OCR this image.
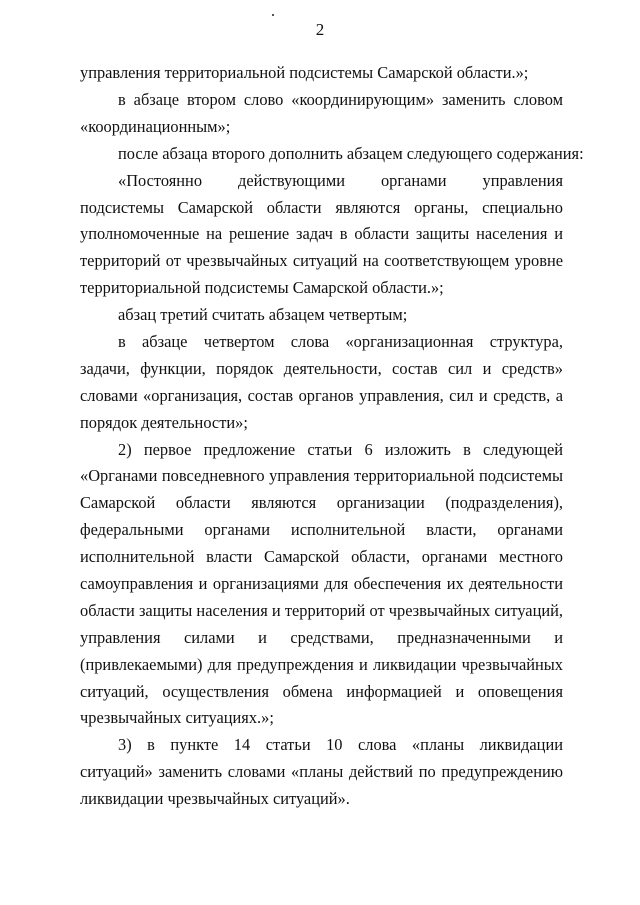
2
управления территориальной подсистемы Самарской области.»;
в абзаце втором слово «координирующим» заменить словом
«координационным»;
после абзаца второго дополнить абзацем следующего содержания:
«Постоянно действующими органами управления
подсистемы Самарской области являются органы, специально
уполномоченные на решение задач в области защиты населения и
территорий от чрезвычайных ситуаций на соответствующем уровне
территориальной подсистемы Самарской области.»;
абзац третий считать абзацем четвертым;
в абзаце четвертом слова «организационная структура,
задачи, функции, порядок деятельности, состав сил и средств»
словами «организация, состав органов управления, сил и средств, а
порядок деятельности»;
2) первое предложение статьи 6 изложить в следующей
«Органами повседневного управления территориальной подсистемы
Самарской области являются организации (подразделения),
федеральными органами исполнительной власти, органами
исполнительной власти Самарской области, органами местного
самоуправления и организациями для обеспечения их деятельности
области защиты населения и территорий от чрезвычайных ситуаций,
управления силами и средствами, предназначенными и
(привлекаемыми) для предупреждения и ликвидации чрезвычайных
ситуаций, осуществления обмена информацией и оповещения
чрезвычайных ситуациях.»;
3) в пункте 14 статьи 10 слова «планы ликвидации
ситуаций» заменить словами «планы действий по предупреждению
ликвидации чрезвычайных ситуаций».
